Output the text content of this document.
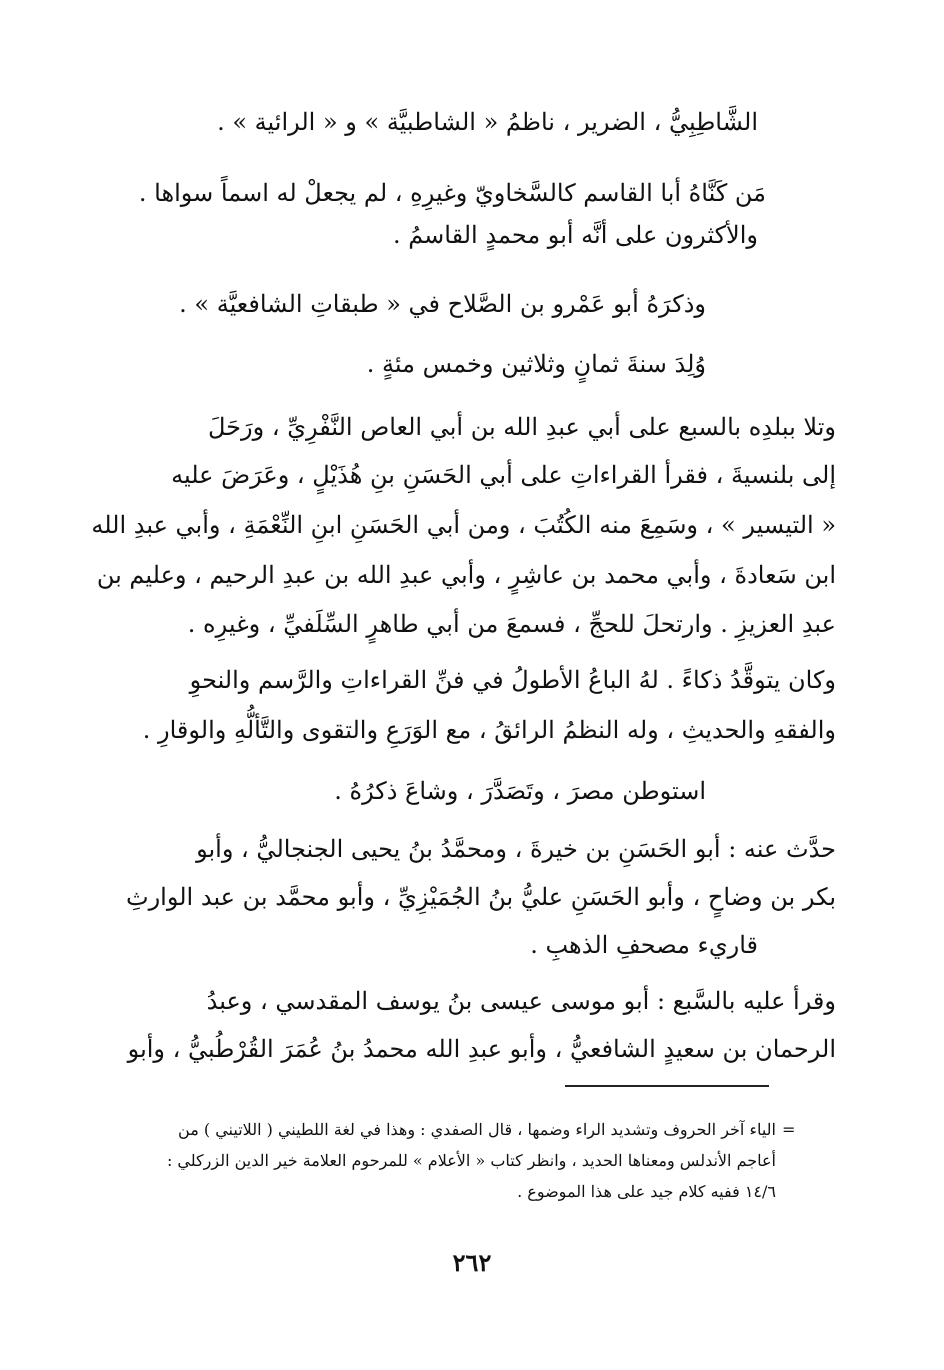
الشَّاطِبِيُّ ، الضرير ، ناظمُ « الشاطبيَّة » و « الرائية » .
مَن كَنَّاهُ أبا القاسم كالسَّخاويّ وغيرِهِ ، لم يجعلْ له اسماً سواها .
والأكثرون على أنَّه أبو محمدٍ القاسمُ .
وذكرَهُ أبو عَمْرو بن الصَّلاح في « طبقاتِ الشافعيَّة » .
وُلِدَ سنةَ ثمانٍ وثلاثين وخمس مئةٍ .
وتلا ببلدِه بالسبع على أبي عبدِ الله بن أبي العاص النَّفْرِيِّ ، ورَحَلَ
إلى بلنسيةَ ، فقرأ القراءاتِ على أبي الحَسَنِ بنِ هُذَيْلٍ ، وعَرَضَ عليه
« التيسير » ، وسَمِعَ منه الكُتُبَ ، ومن أبي الحَسَنِ ابنِ النِّعْمَةِ ، وأبي عبدِ الله
ابن سَعادةَ ، وأبي محمد بن عاشِرٍ ، وأبي عبدِ الله بن عبدِ الرحيم ، وعليم بن
عبدِ العزيزِ . وارتحلَ للحجِّ ، فسمعَ من أبي طاهرٍ السِّلَفيِّ ، وغيرِه .
وكان يتوقَّدُ ذكاءً . لهُ الباعُ الأطولُ في فنِّ القراءاتِ والرَّسم والنحوِ
والفقهِ والحديثِ ، وله النظمُ الرائقُ ، مع الوَرَعِ والتقوى والتَّألُّهِ والوقارِ .
استوطن مصرَ ، وتَصَدَّرَ ، وشاعَ ذكرُهُ .
حدَّث عنه : أبو الحَسَنِ بن خيرةَ ، ومحمَّدُ بنُ يحيى الجنجاليُّ ، وأبو
بكر بن وضاحٍ ، وأبو الحَسَنِ عليُّ بنُ الجُمَيْزِيِّ ، وأبو محمَّد بن عبد الوارثِ
قاريء مصحفِ الذهبِ .
وقرأ عليه بالسَّبع : أبو موسى عيسى بنُ يوسف المقدسي ، وعبدُ
الرحمان بن سعيدٍ الشافعيُّ ، وأبو عبدِ الله محمدُ بنُ عُمَرَ القُرْطُبيُّ ، وأبو
=
الياء آخر الحروف وتشديد الراء وضمها ، قال الصفدي : وهذا في لغة اللطيني ( اللاتيني ) من
أعاجم الأندلس ومعناها الحديد ، وانظر كتاب « الأعلام » للمرحوم العلامة خير الدين الزركلي :
١٤/٦ ففيه كلام جيد على هذا الموضوع .
٢٦٢
